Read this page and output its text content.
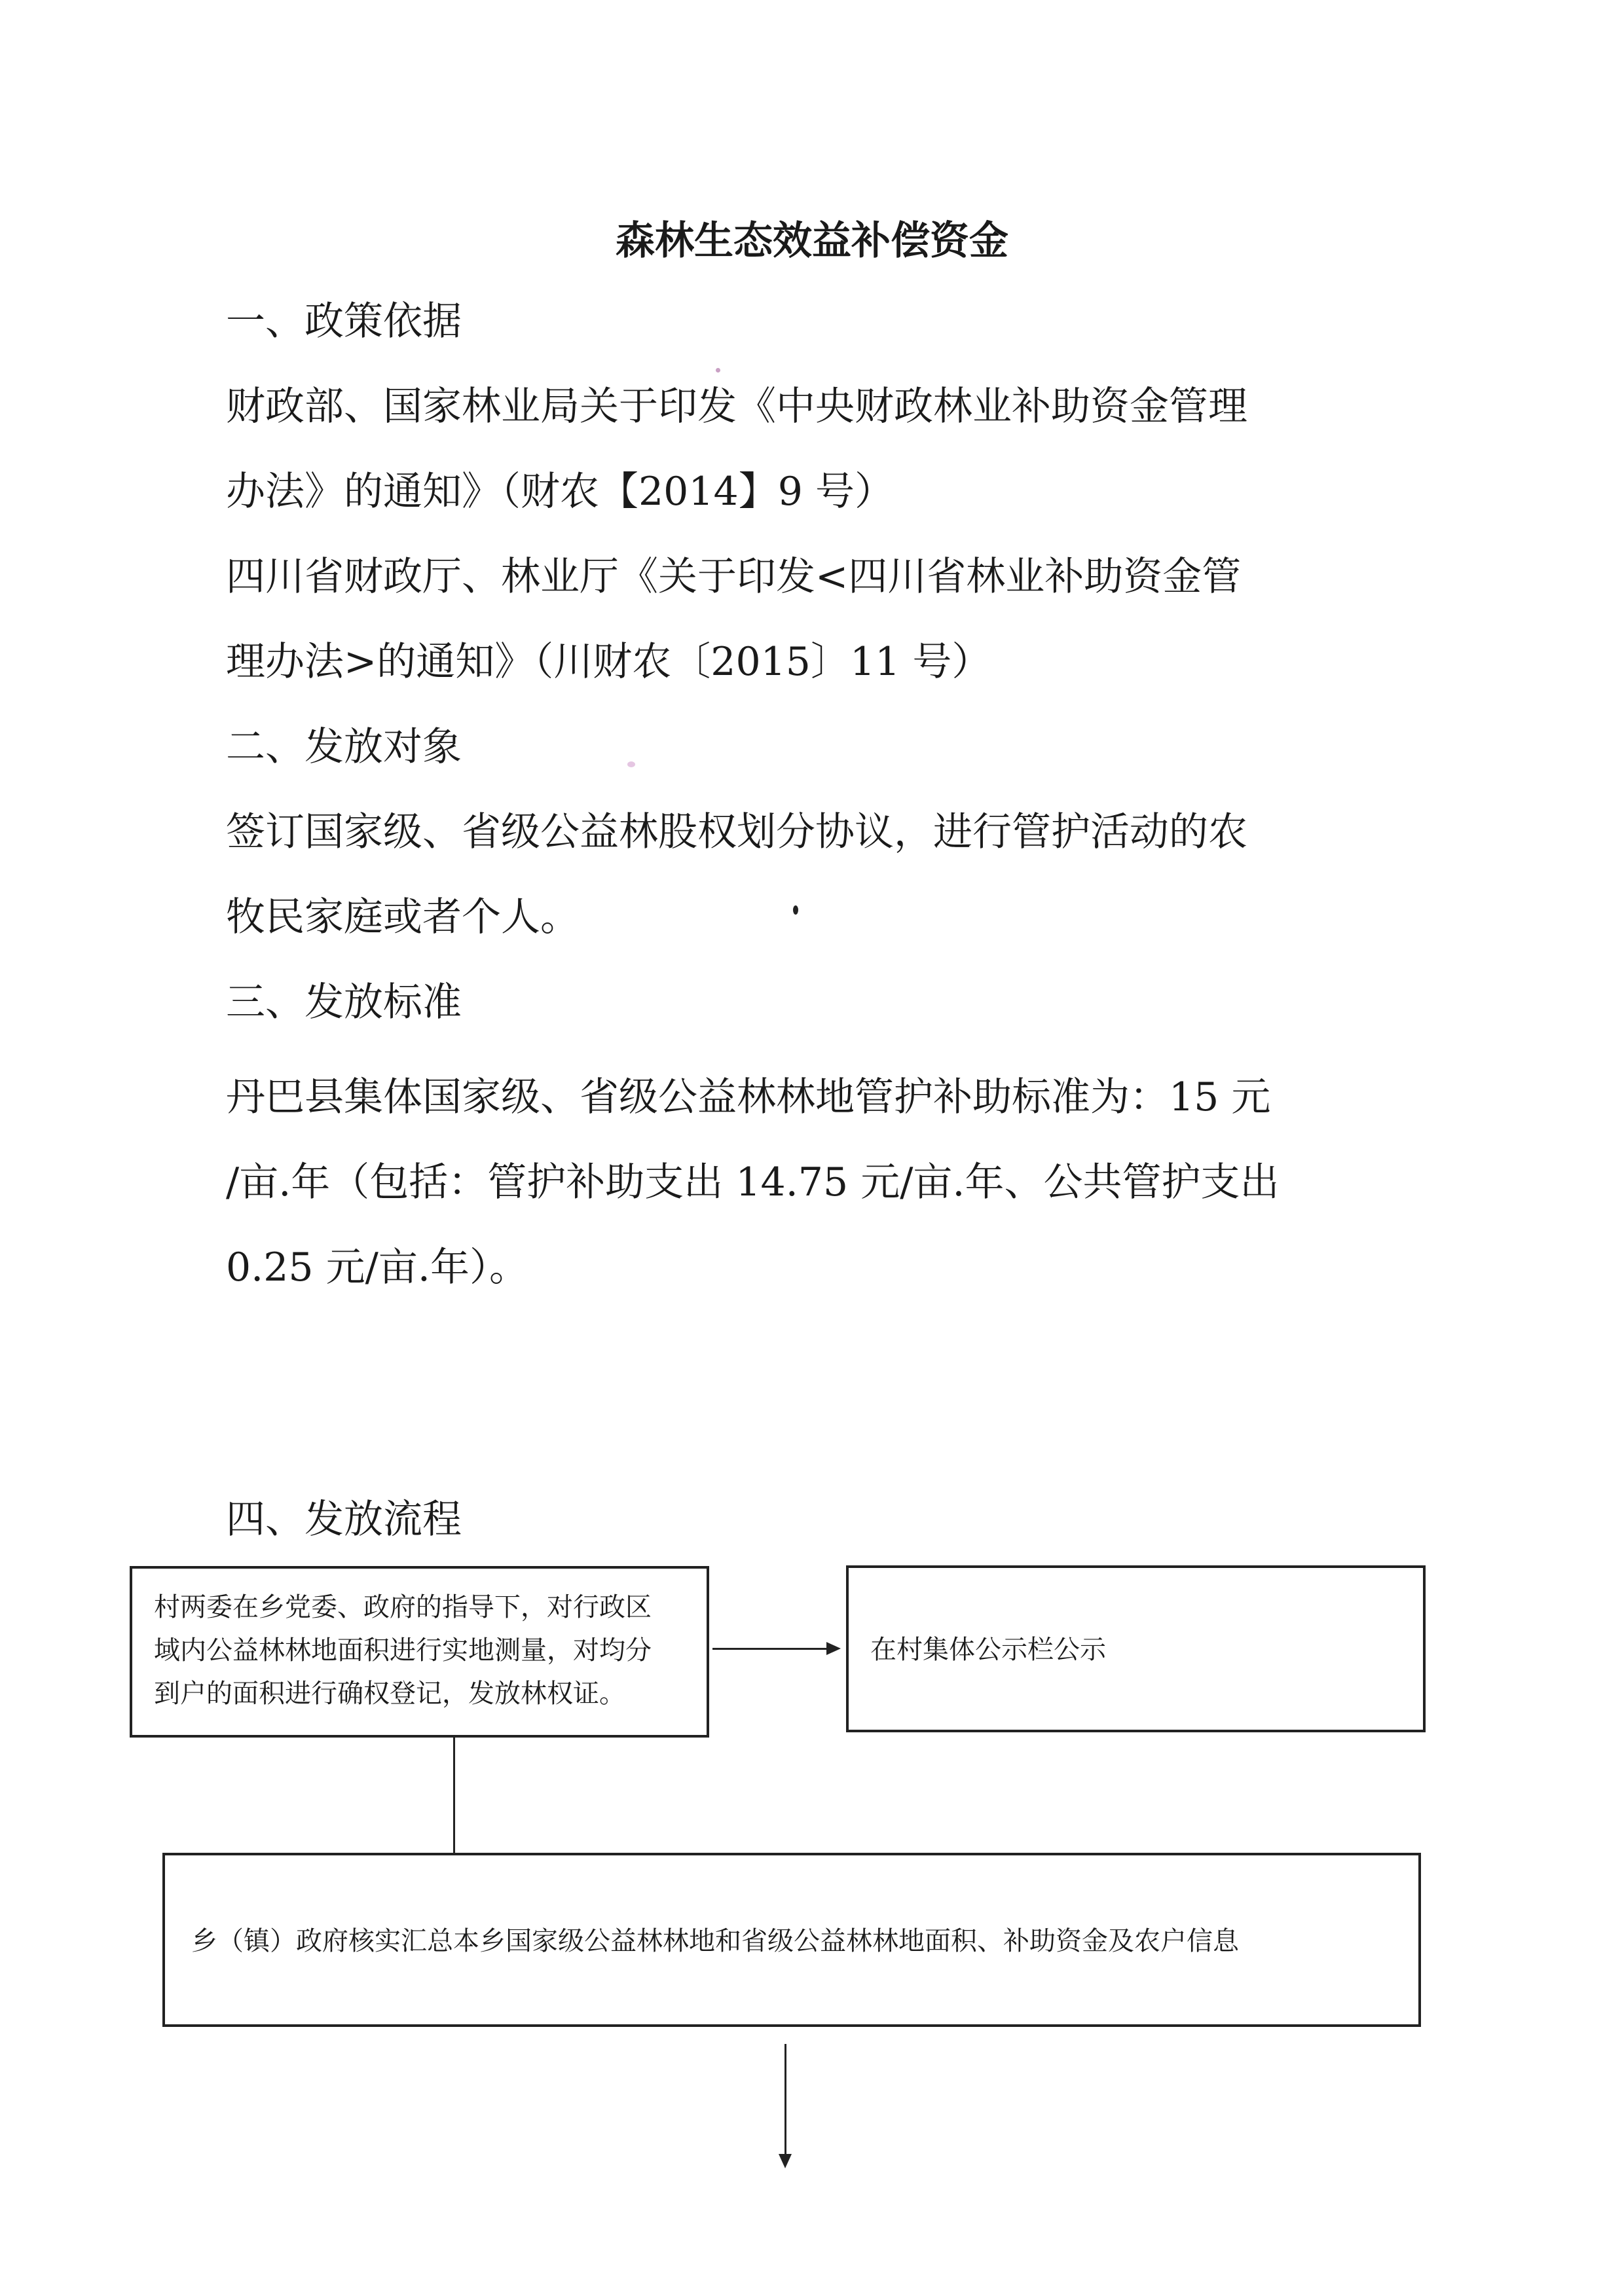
森林生态效益补偿资金
一、政策依据
财政部、国家林业局关于印发《中央财政林业补助资金管理
办法》的通知》（财农【2014】9 号）
四川省财政厅、林业厅《关于印发<四川省林业补助资金管
理办法>的通知》（川财农〔2015〕11 号）
二、发放对象
签订国家级、省级公益林股权划分协议，进行管护活动的农
牧民家庭或者个人。
三、发放标准
丹巴县集体国家级、省级公益林林地管护补助标准为：15 元
/亩.年（包括：管护补助支出 14.75 元/亩.年、公共管护支出
0.25 元/亩.年）。
四、发放流程
村两委在乡党委、政府的指导下，对行政区
域内公益林林地面积进行实地测量，对均分
到户的面积进行确权登记，发放林权证。
在村集体公示栏公示
乡（镇）政府核实汇总本乡国家级公益林林地和省级公益林林地面积、补助资金及农户信息
